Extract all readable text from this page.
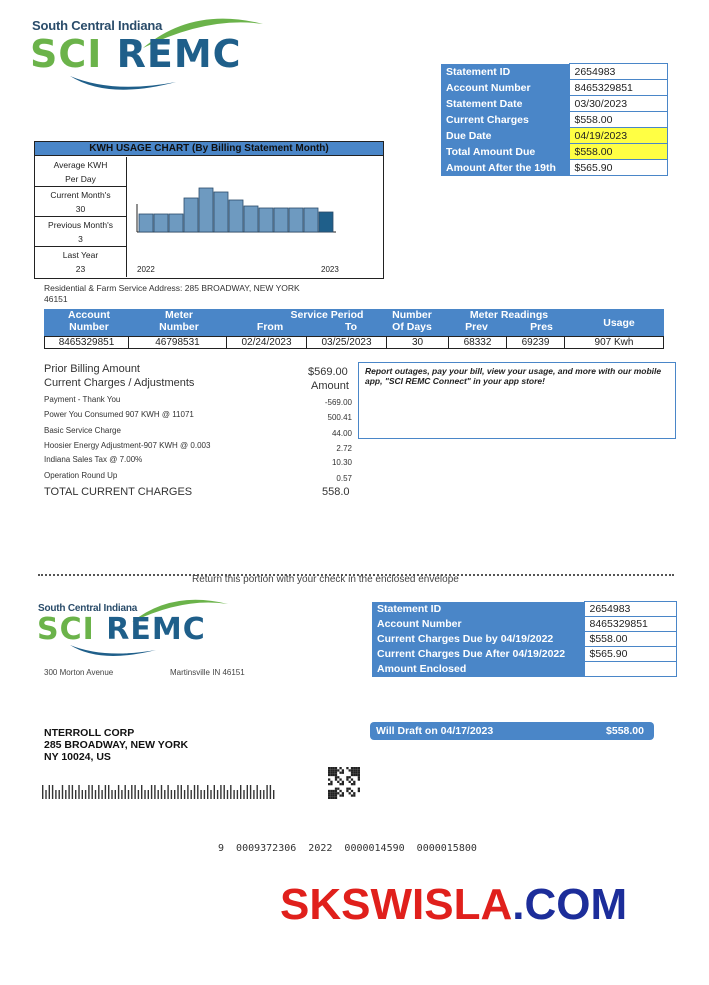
South Central Indiana
SCI REMC	Statement ID	2654983
Account Number	8465329851
Statement Date	03/30/2023
Current Charges	$558.00
Due Date	04/19/2023
Total Amount Due	$558.00
Amount After the 19th	$565.90
KWH USAGE CHART (By Billing Statement Month)
Average KWH
Per Day
Current Month's
30
Previous Month's
3
Last Year
23	2022	2023
Residential & Farm Service Address: 285 BROADWAY, NEW YORK
46151
Account
Number
Meter
Number
Service Period
From	To
Number
Of Days
Meter Readings
Prev	Pres	Usage
8465329851	46798531	02/24/2023	03/25/2023	30	68332	69239	907 Kwh
Prior Billing Amount	$569.00
Current Charges / Adjustments	Amount
Payment - Thank You	-569.00
Power You Consumed 907 KWH @ 11071	500.41
Basic Service Charge	44.00
Hoosier Energy Adjustment-907 KWH @ 0.003	2.72
Indiana Sales Tax @ 7.00%	10.30
Operation Round Up	0.57
TOTAL CURRENT CHARGES	558.0
Report outages, pay your bill, view your usage, and more with our mobile app, "SCI REMC Connect" in your app store!
Return this portion with your check in the enclosed envelope
South Central Indiana
SCI REMC
300 Morton Avenue	Martinsville IN 46151
Statement ID	2654983
Account Number	8465329851
Current Charges Due by 04/19/2022	$558.00
Current Charges Due After 04/19/2022	$565.90
Amount Enclosed	
Will Draft on 04/17/2023	$558.00
NTERROLL CORP
285 BROADWAY, NEW YORK
NY 10024, US
9  0009372306  2022  0000014590  0000015800
SKSWISLA.COM
